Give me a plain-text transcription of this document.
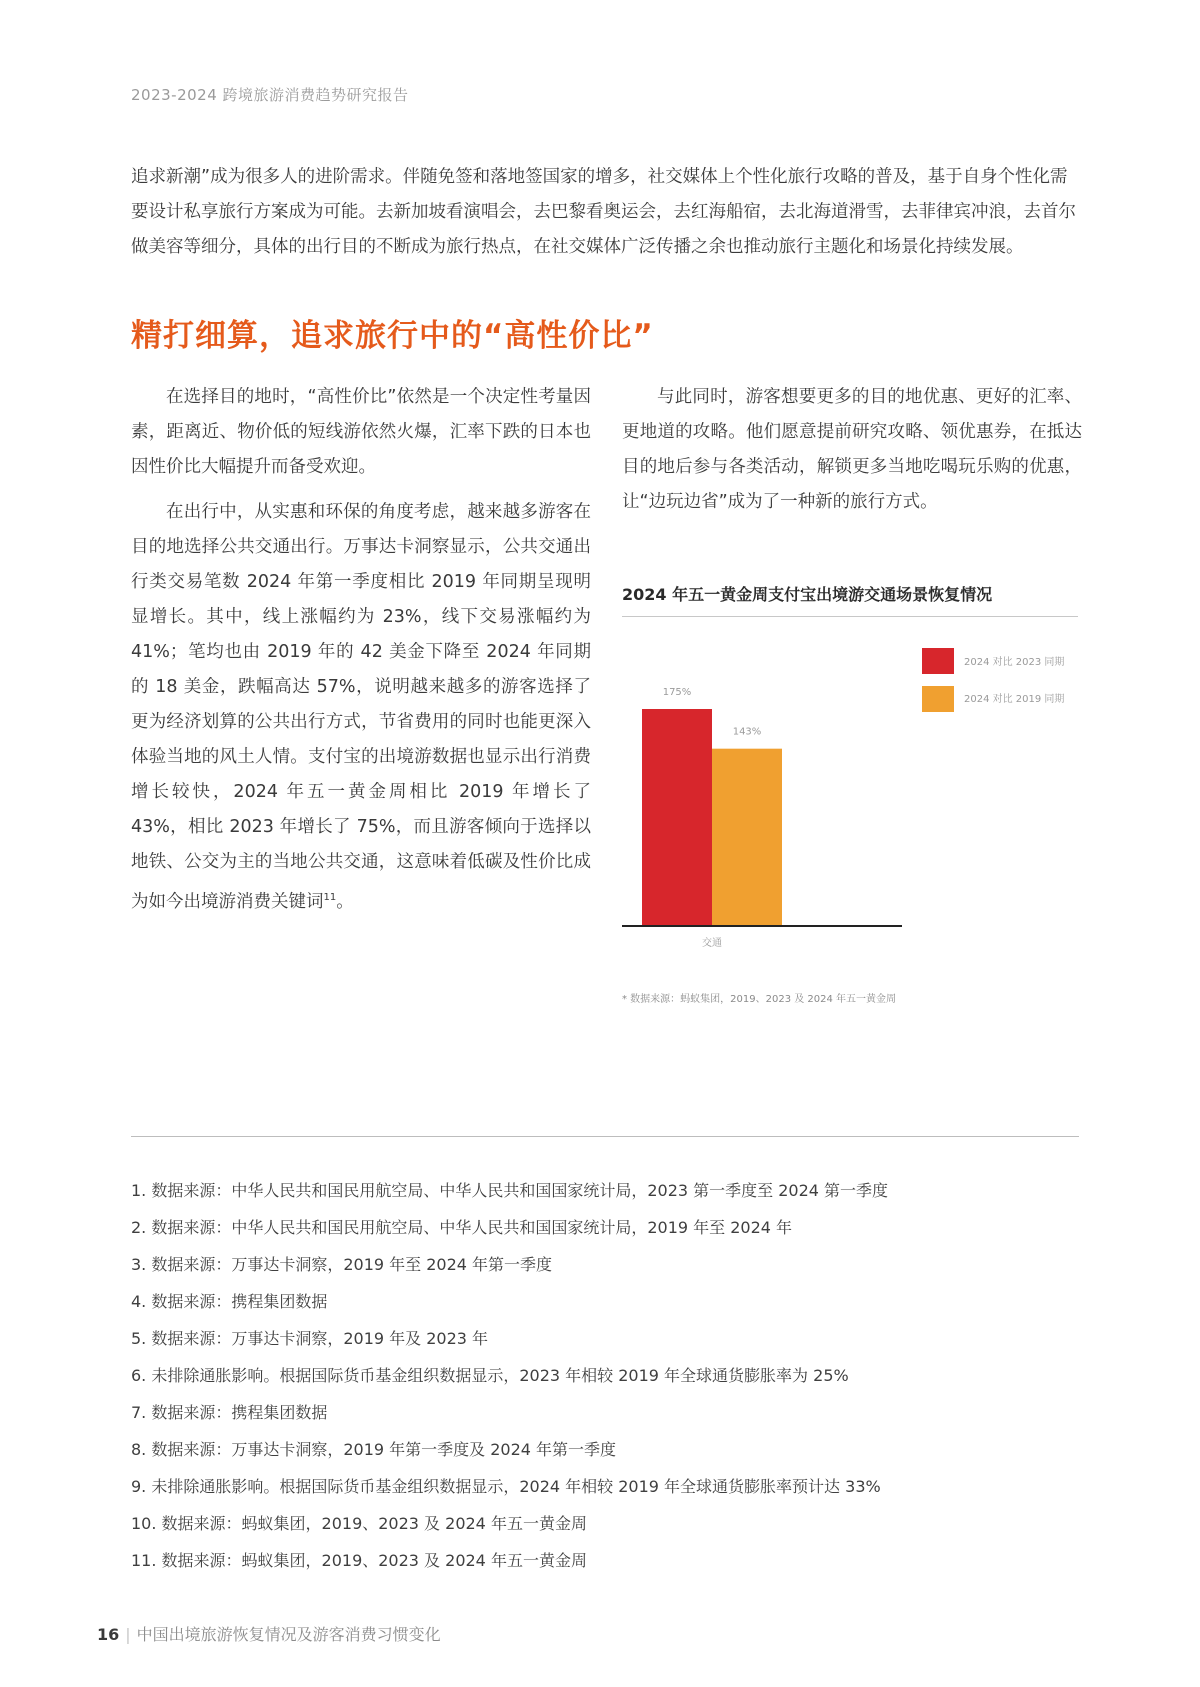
2023-2024 跨境旅游消费趋势研究报告

追求新潮”成为很多人的进阶需求。伴随免签和落地签国家的增多，社交媒体上个性化旅行攻略的普及，基于自身个性化需要设计私享旅行方案成为可能。去新加坡看演唱会，去巴黎看奥运会，去红海船宿，去北海道滑雪，去菲律宾冲浪，去首尔做美容等细分，具体的出行目的不断成为旅行热点，在社交媒体广泛传播之余也推动旅行主题化和场景化持续发展。

精打细算，追求旅行中的“高性价比”

在选择目的地时，“高性价比”依然是一个决定性考量因素，距离近、物价低的短线游依然火爆，汇率下跌的日本也因性价比大幅提升而备受欢迎。

在出行中，从实惠和环保的角度考虑，越来越多游客在目的地选择公共交通出行。万事达卡洞察显示，公共交通出行类交易笔数 2024 年第一季度相比 2019 年同期呈现明显增长。其中，线上涨幅约为 23%，线下交易涨幅约为 41%；笔均也由 2019 年的 42 美金下降至 2024 年同期的 18 美金，跌幅高达 57%，说明越来越多的游客选择了更为经济划算的公共出行方式，节省费用的同时也能更深入体验当地的风土人情。支付宝的出境游数据也显示出行消费增长较快，2024 年五一黄金周相比 2019 年增长了 43%，相比 2023 年增长了 75%，而且游客倾向于选择以地铁、公交为主的当地公共交通，这意味着低碳及性价比成为如今出境游消费关键词$^{11}$。

与此同时，游客想要更多的目的地优惠、更好的汇率、更地道的攻略。他们愿意提前研究攻略、领优惠券，在抵达目的地后参与各类活动，解锁更多当地吃喝玩乐购的优惠，让“边玩边省”成为了一种新的旅行方式。

2024 年五一黄金周支付宝出境游交通场景恢复情况
2024 对比 2023 同期
2024 对比 2019 同期
175%
143%
交通
* 数据来源：蚂蚁集团，2019、2023 及 2024 年五一黄金周
1. 数据来源：中华人民共和国民用航空局、中华人民共和国国家统计局，2023 第一季度至 2024 第一季度
2. 数据来源：中华人民共和国民用航空局、中华人民共和国国家统计局，2019 年至 2024 年
3. 数据来源：万事达卡洞察，2019 年至 2024 年第一季度
4. 数据来源：携程集团数据
5. 数据来源：万事达卡洞察，2019 年及 2023 年
6. 未排除通胀影响。根据国际货币基金组织数据显示，2023 年相较 2019 年全球通货膨胀率为 25%
7. 数据来源：携程集团数据
8. 数据来源：万事达卡洞察，2019 年第一季度及 2024 年第一季度
9. 未排除通胀影响。根据国际货币基金组织数据显示，2024 年相较 2019 年全球通货膨胀率预计达 33%
10. 数据来源：蚂蚁集团，2019、2023 及 2024 年五一黄金周
11. 数据来源：蚂蚁集团，2019、2023 及 2024 年五一黄金周
16 | 中国出境旅游恢复情况及游客消费习惯变化
